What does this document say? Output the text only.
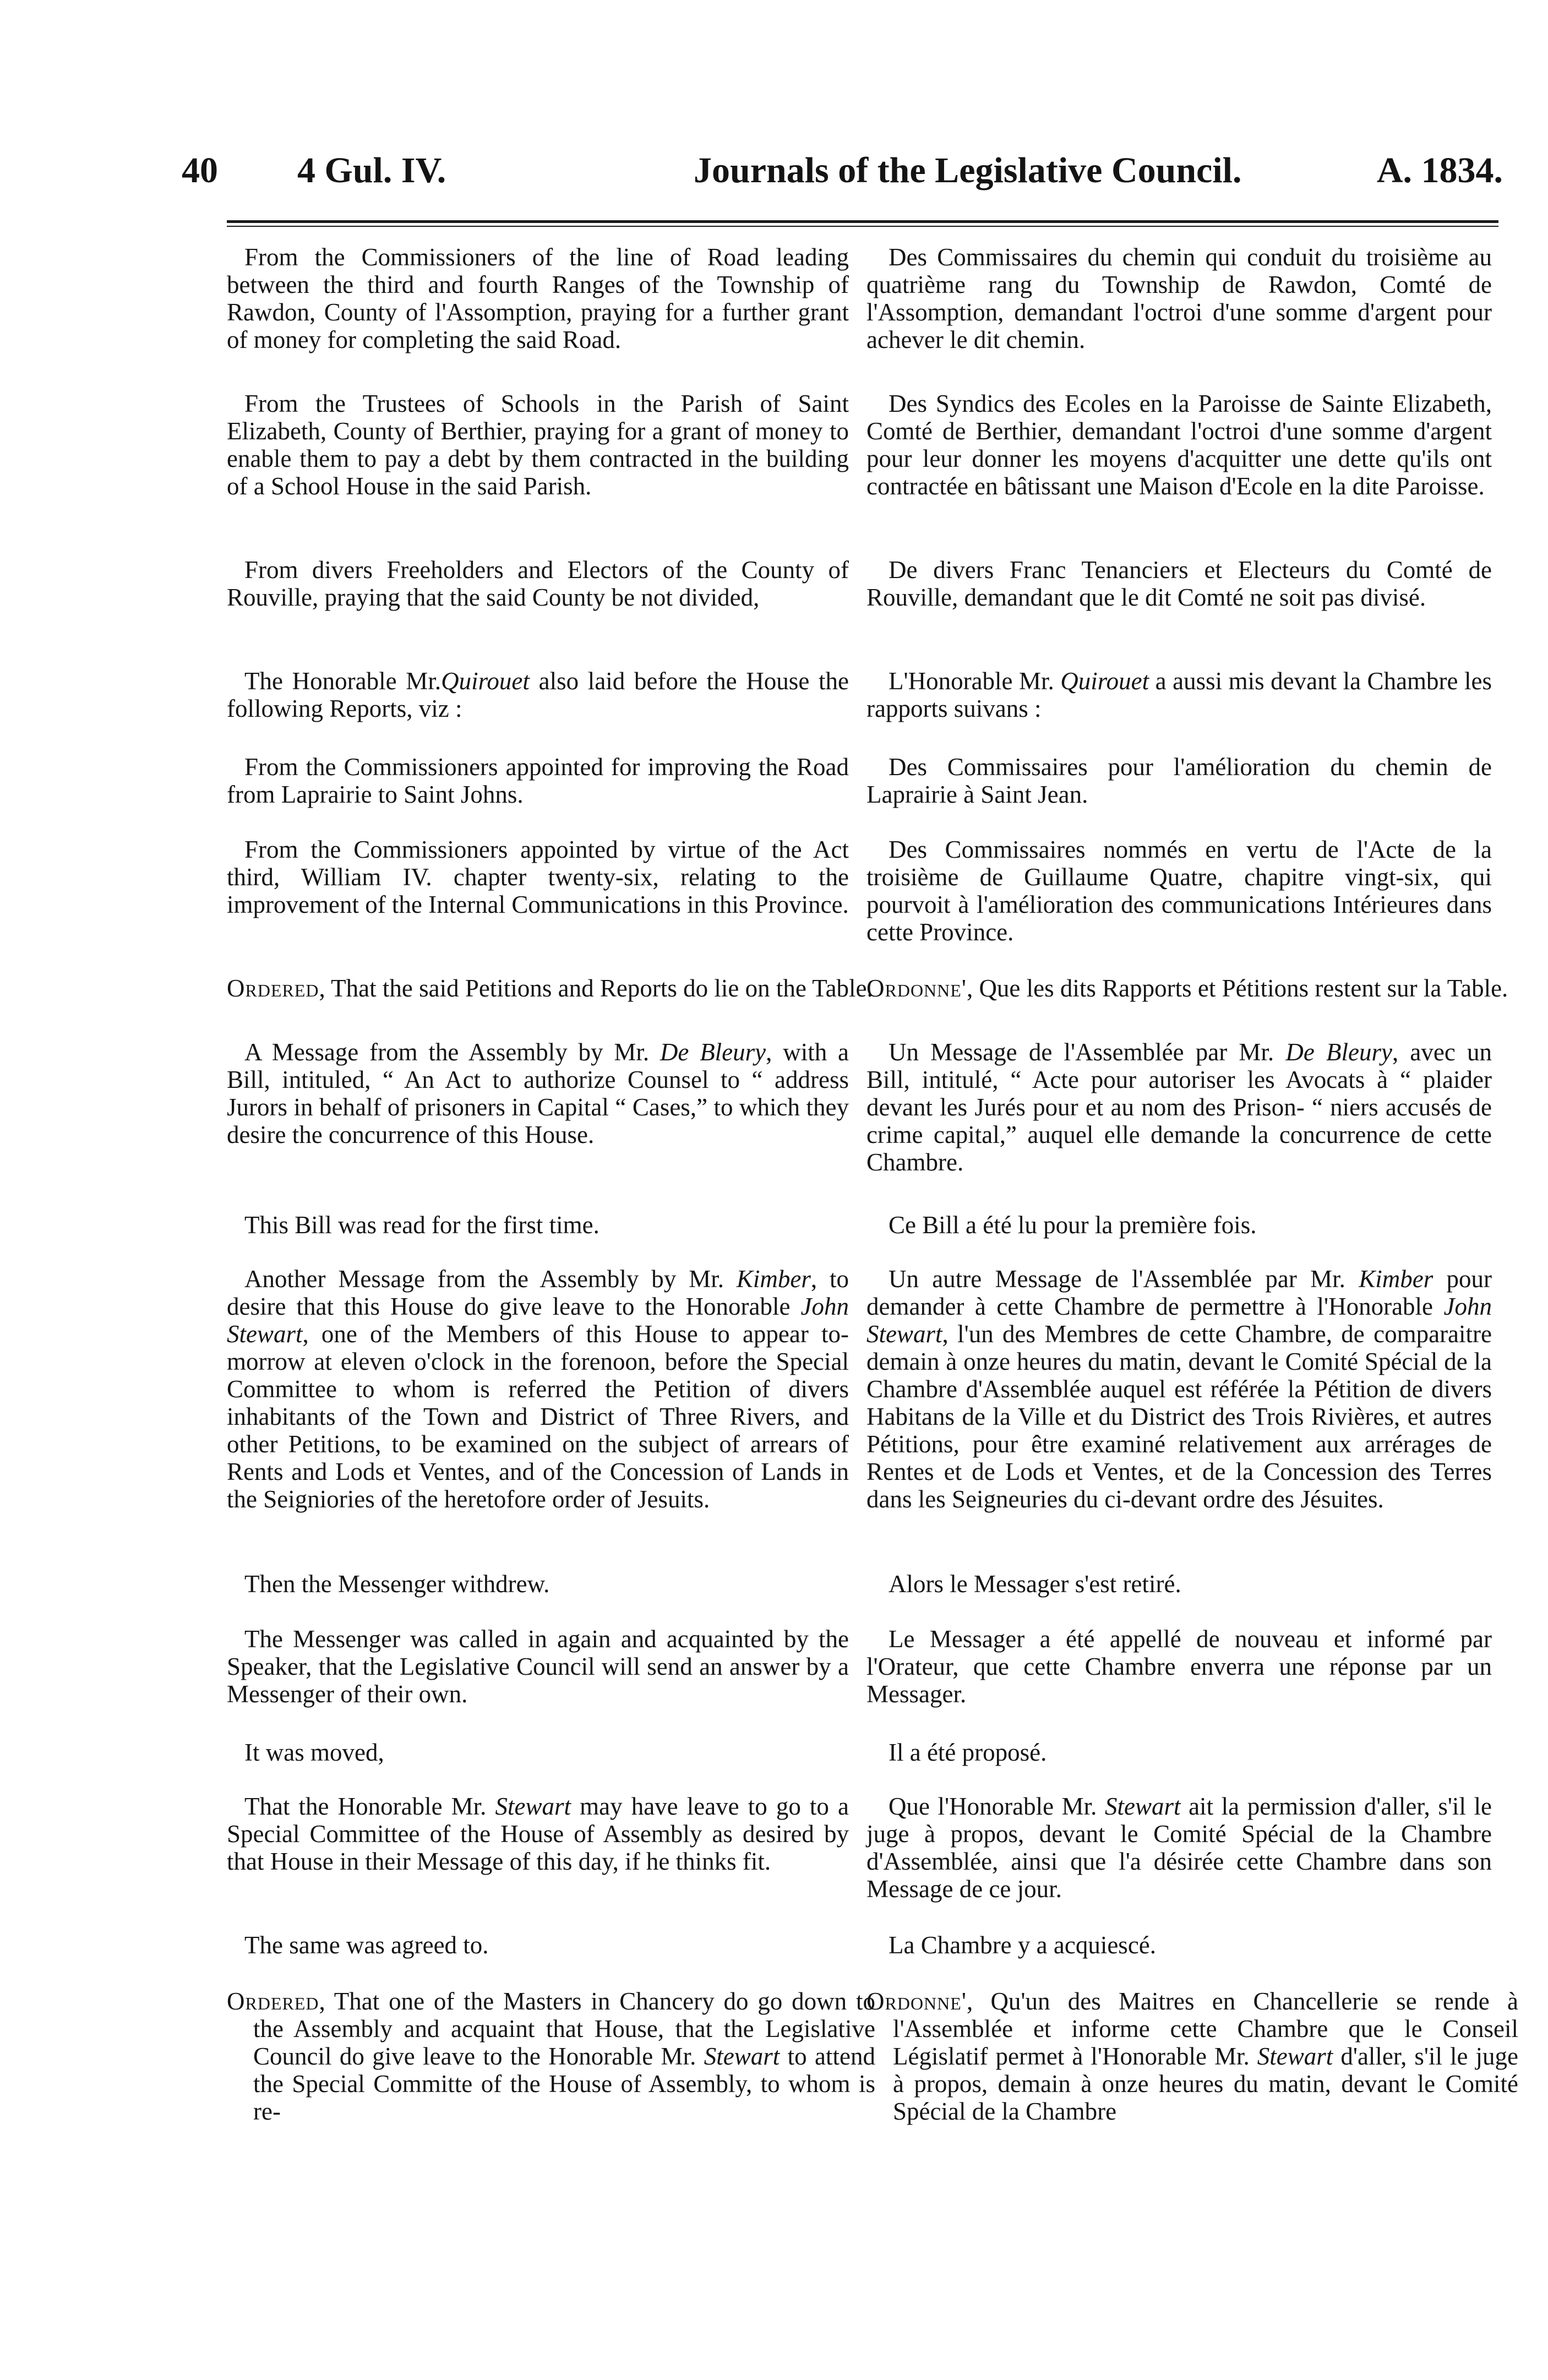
40 4 Gul. IV.	Journals of the Legislative Council.	A. 1834.
From the Commissioners of the line of Road leading between the third and fourth Ranges of the Township of Rawdon, County of l'Assomption, praying for a further grant of money for completing the said Road.
Des Commissaires du chemin qui conduit du troisième au quatrième rang du Township de Rawdon, Comté de l'Assomption, demandant l'octroi d'une somme d'argent pour achever le dit chemin.
From the Trustees of Schools in the Parish of Saint Elizabeth, County of Berthier, praying for a grant of money to enable them to pay a debt by them contracted in the building of a School House in the said Parish.
Des Syndics des Ecoles en la Paroisse de Sainte Elizabeth, Comté de Berthier, demandant l'octroi d'une somme d'argent pour leur donner les moyens d'acquitter une dette qu'ils ont contractée en bâtissant une Maison d'Ecole en la dite Paroisse.
From divers Freeholders and Electors of the County of Rouville, praying that the said County be not divided,
De divers Franc Tenanciers et Electeurs du Comté de Rouville, demandant que le dit Comté ne soit pas divisé.
The Honorable Mr.Quirouet also laid before the House the following Reports, viz :
L'Honorable Mr. Quirouet a aussi mis devant la Chambre les rapports suivans :
From the Commissioners appointed for improving the Road from Laprairie to Saint Johns.
Des Commissaires pour l'amélioration du chemin de Laprairie à Saint Jean.
From the Commissioners appointed by virtue of the Act third, William IV. chapter twenty-six, relating to the improvement of the Internal Communications in this Province.
Des Commissaires nommés en vertu de l'Acte de la troisième de Guillaume Quatre, chapitre vingt-six, qui pourvoit à l'amélioration des communications Intérieures dans cette Province.
Ordered, That the said Petitions and Reports do lie on the Table.
Ordonne', Que les dits Rapports et Pétitions restent sur la Table.
A Message from the Assembly by Mr. De Bleury, with a Bill, intituled, “ An Act to authorize Counsel to “ address Jurors in behalf of prisoners in Capital “ Cases,” to which they desire the concurrence of this House.
Un Message de l'Assemblée par Mr. De Bleury, avec un Bill, intitulé, “ Acte pour autoriser les Avocats à “ plaider devant les Jurés pour et au nom des Prison- “ niers accusés de crime capital,” auquel elle demande la concurrence de cette Chambre.
This Bill was read for the first time.	Ce Bill a été lu pour la première fois.
Another Message from the Assembly by Mr. Kimber, to desire that this House do give leave to the Honorable John Stewart, one of the Members of this House to appear to-morrow at eleven o'clock in the forenoon, before the Special Committee to whom is referred the Petition of divers inhabitants of the Town and District of Three Rivers, and other Petitions, to be examined on the subject of arrears of Rents and Lods et Ventes, and of the Concession of Lands in the Seigniories of the heretofore order of Jesuits.
Un autre Message de l'Assemblée par Mr. Kimber pour demander à cette Chambre de permettre à l'Honorable John Stewart, l'un des Membres de cette Chambre, de comparaitre demain à onze heures du matin, devant le Comité Spécial de la Chambre d'Assemblée auquel est référée la Pétition de divers Habitans de la Ville et du District des Trois Rivières, et autres Pétitions, pour être examiné relativement aux arrérages de Rentes et de Lods et Ventes, et de la Concession des Terres dans les Seigneuries du ci-devant ordre des Jésuites.
Then the Messenger withdrew.	Alors le Messager s'est retiré.
The Messenger was called in again and acquainted by the Speaker, that the Legislative Council will send an answer by a Messenger of their own.
Le Messager a été appellé de nouveau et informé par l'Orateur, que cette Chambre enverra une réponse par un Messager.
It was moved,	Il a été proposé.
That the Honorable Mr. Stewart may have leave to go to a Special Committee of the House of Assembly as desired by that House in their Message of this day, if he thinks fit.
Que l'Honorable Mr. Stewart ait la permission d'aller, s'il le juge à propos, devant le Comité Spécial de la Chambre d'Assemblée, ainsi que l'a désirée cette Chambre dans son Message de ce jour.
The same was agreed to.	La Chambre y a acquiescé.
Ordered, That one of the Masters in Chancery do go down to the Assembly and acquaint that House, that the Legislative Council do give leave to the Honorable Mr. Stewart to attend the Special Committe of the House of Assembly, to whom is re-
Ordonne', Qu'un des Maitres en Chancellerie se rende à l'Assemblée et informe cette Chambre que le Conseil Législatif permet à l'Honorable Mr. Stewart d'aller, s'il le juge à propos, demain à onze heures du matin, devant le Comité Spécial de la Chambre
